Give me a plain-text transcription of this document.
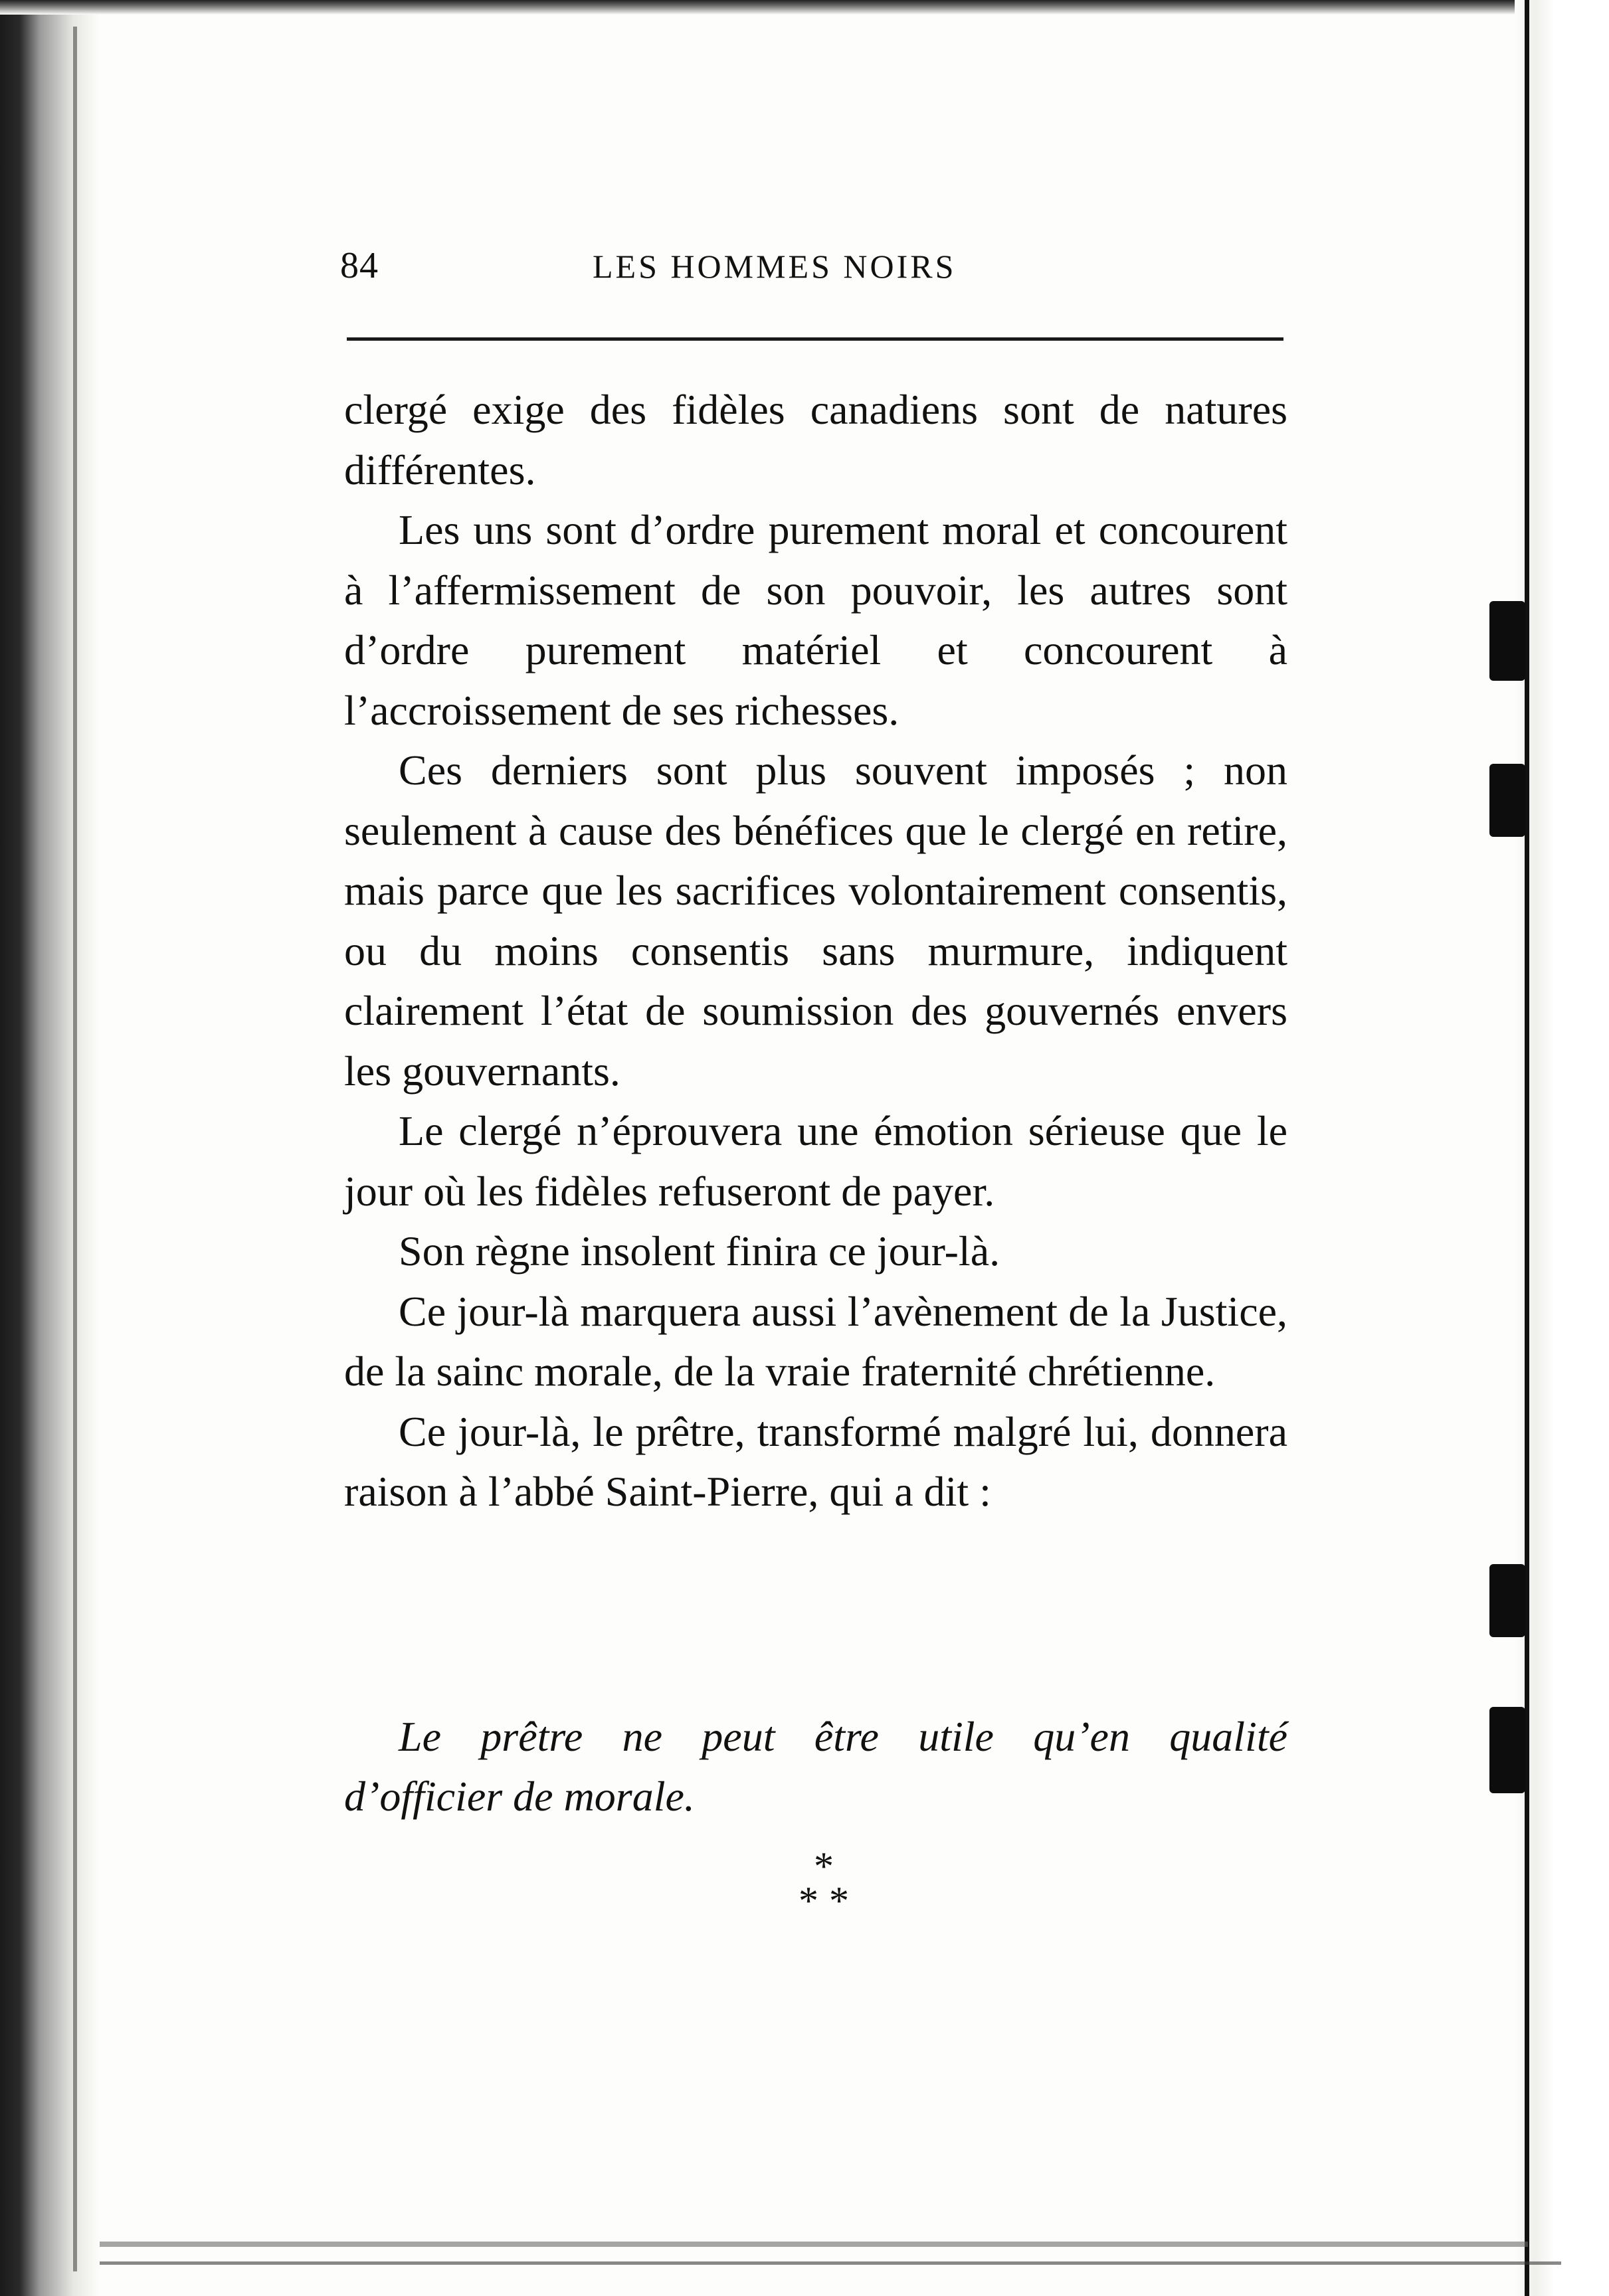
84	LES HOMMES NOIRS

clergé exige des fidèles canadiens sont de natures différentes.

Les uns sont d’ordre purement moral et concourent à l’affermissement de son pouvoir, les autres sont d’ordre purement matériel et concourent à l’accroissement de ses richesses.

Ces derniers sont plus souvent imposés ; non seulement à cause des bénéfices que le clergé en retire, mais parce que les sacrifices volontairement consentis, ou du moins consentis sans murmure, indiquent clairement l’état de soumission des gouvernés envers les gouvernants.

Le clergé n’éprouvera une émotion sérieuse que le jour où les fidèles refuseront de payer.

Son règne insolent finira ce jour-là.

Ce jour-là marquera aussi l’avènement de la Justice, de la sainc morale, de la vraie fraternité chrétienne.

Ce jour-là, le prêtre, transformé malgré lui, donnera raison à l’abbé Saint-Pierre, qui a dit :

Le prêtre ne peut être utile qu’en qualité
d’officier de morale.
*
**
